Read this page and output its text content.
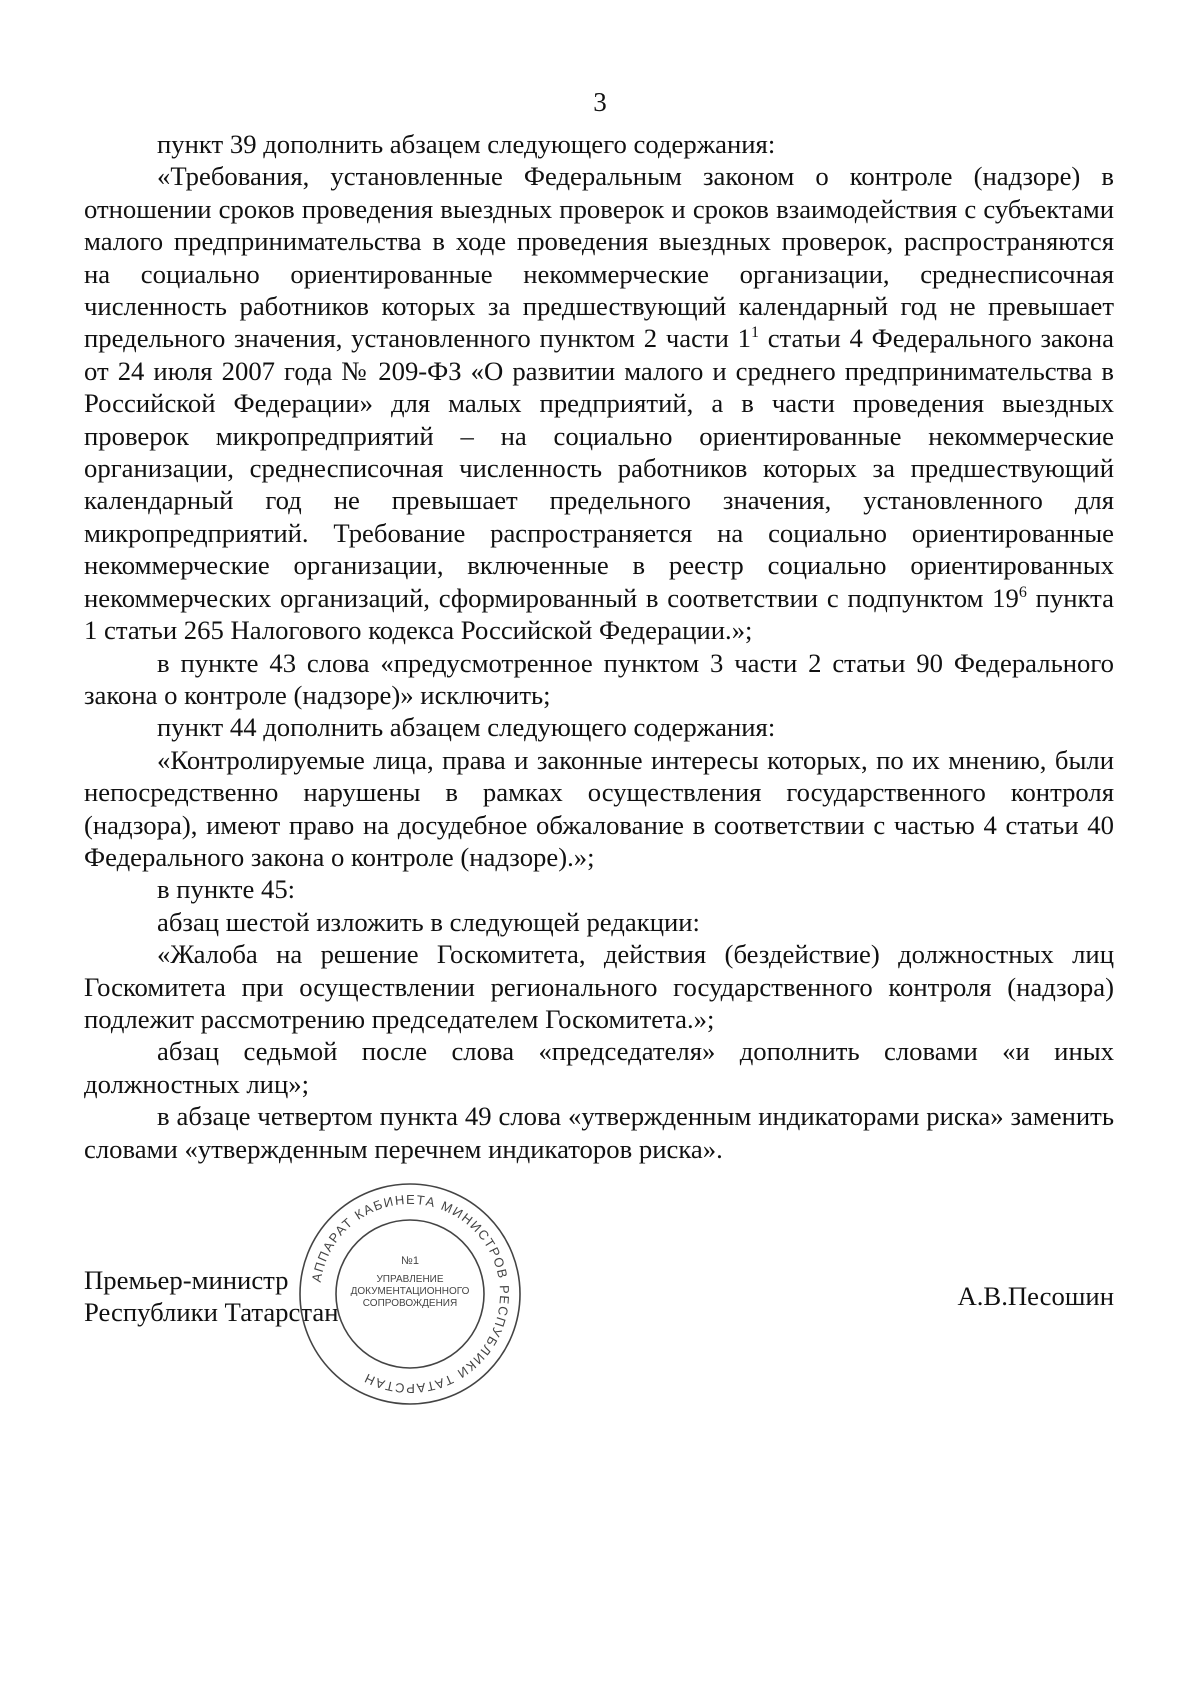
3

пункт 39 дополнить абзацем следующего содержания:

«Требования, установленные Федеральным законом о контроле (надзоре) в отношении сроков проведения выездных проверок и сроков взаимодействия с субъектами малого предпринимательства в ходе проведения выездных проверок, распространяются на социально ориентированные некоммерческие организации, среднесписочная численность работников которых за предшествующий календарный год не превышает предельного значения, установленного пунктом 2 части $1^1$ статьи 4 Федерального закона от 24 июля 2007 года № 209-ФЗ «О развитии малого и среднего предпринимательства в Российской Федерации» для малых предприятий, а в части проведения выездных проверок микропредприятий – на социально ориентированные некоммерческие организации, среднесписочная численность работников которых за предшествующий календарный год не превышает предельного значения, установленного для микропредприятий. Требование распространяется на социально ориентированные некоммерческие организации, включенные в реестр социально ориентированных некоммерческих организаций, сформированный в соответствии с подпунктом $19^6$ пункта 1 статьи 265 Налогового кодекса Российской Федерации.»;

в пункте 43 слова «предусмотренное пунктом 3 части 2 статьи 90 Федерального закона о контроле (надзоре)» исключить;

пункт 44 дополнить абзацем следующего содержания:

«Контролируемые лица, права и законные интересы которых, по их мнению, были непосредственно нарушены в рамках осуществления государственного контроля (надзора), имеют право на досудебное обжалование в соответствии с частью 4 статьи 40 Федерального закона о контроле (надзоре).»;

в пункте 45:

абзац шестой изложить в следующей редакции:

«Жалоба на решение Госкомитета, действия (бездействие) должностных лиц Госкомитета при осуществлении регионального государственного контроля (надзора) подлежит рассмотрению председателем Госкомитета.»;

абзац седьмой после слова «председателя» дополнить словами «и иных должностных лиц»;

в абзаце четвертом пункта 49 слова «утвержденным индикаторами риска» заменить словами «утвержденным перечнем индикаторов риска».

Премьер-министр
Республики Татарстан
А.В.Песошин
АППАРАТ КАБИНЕТА МИНИСТРОВ РЕСПУБЛИКИ ТАТАРСТАН
№1
УПРАВЛЕНИЕ
ДОКУМЕНТАЦИОННОГО
СОПРОВОЖДЕНИЯ
